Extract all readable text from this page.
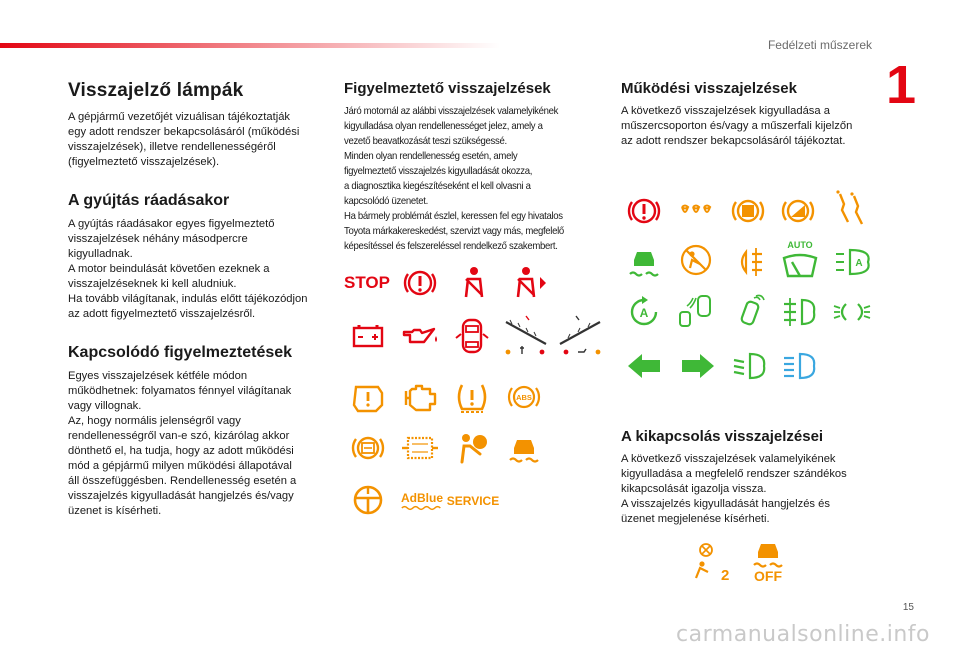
Fedélzeti műszerek
1
15
carmanualsonline.info
Visszajelző lámpák

A gépjármű vezetőjét vizuálisan tájékoztatják
egy adott rendszer bekapcsolásáról (működési
visszajelzések), illetve rendellenességéről
(figyelmeztető visszajelzések).

A gyújtás ráadásakor

A gyújtás ráadásakor egyes figyelmeztető
visszajelzések néhány másodpercre
kigyulladnak.
A motor beindulását követően ezeknek a
visszajelzéseknek ki kell aludniuk.
Ha tovább világítanak, indulás előtt tájékozódjon
az adott figyelmeztető visszajelzésről.

Kapcsolódó figyelmeztetések

Egyes visszajelzések kétféle módon
működhetnek: folyamatos fénnyel világítanak
vagy villognak.
Az, hogy normális jelenségről vagy
rendellenességről van-e szó, kizárólag akkor
dönthető el, ha tudja, hogy az adott működési
mód a gépjármű milyen működési állapotával
áll összefüggésben. Rendellenesség esetén a
visszajelzés kigyulladását hangjelzés és/vagy
üzenet is kísérheti.

Figyelmeztető visszajelzések

Járó motornál az alábbi visszajelzések valamelyikének
kigyulladása olyan rendellenességet jelez, amely a
vezető beavatkozását teszi szükségessé.
Minden olyan rendellenesség esetén, amely
figyelmeztető visszajelzés kigyulladását okozza,
a diagnosztika kiegészítéseként el kell olvasni a
kapcsolódó üzenetet.
Ha bármely problémát észlel, keressen fel egy hivatalos
Toyota márkakereskedést, szervizt vagy más, megfelelő
képesítéssel és felszereléssel rendelkező szakembert.

STOP
ABS
AdBlue SERVICE
Működési visszajelzések

A következő visszajelzések kigyulladása a
műszercsoporton és/vagy a műszerfali kijelzőn
az adott rendszer bekapcsolásáról tájékoztat.

AUTO
A
A
A kikapcsolás visszajelzései

A következő visszajelzések valamelyikének
kigyulladása a megfelelő rendszer szándékos
kikapcsolását igazolja vissza.
A visszajelzés kigyulladását hangjelzés és
üzenet megjelenése kísérheti.

2 OFF
